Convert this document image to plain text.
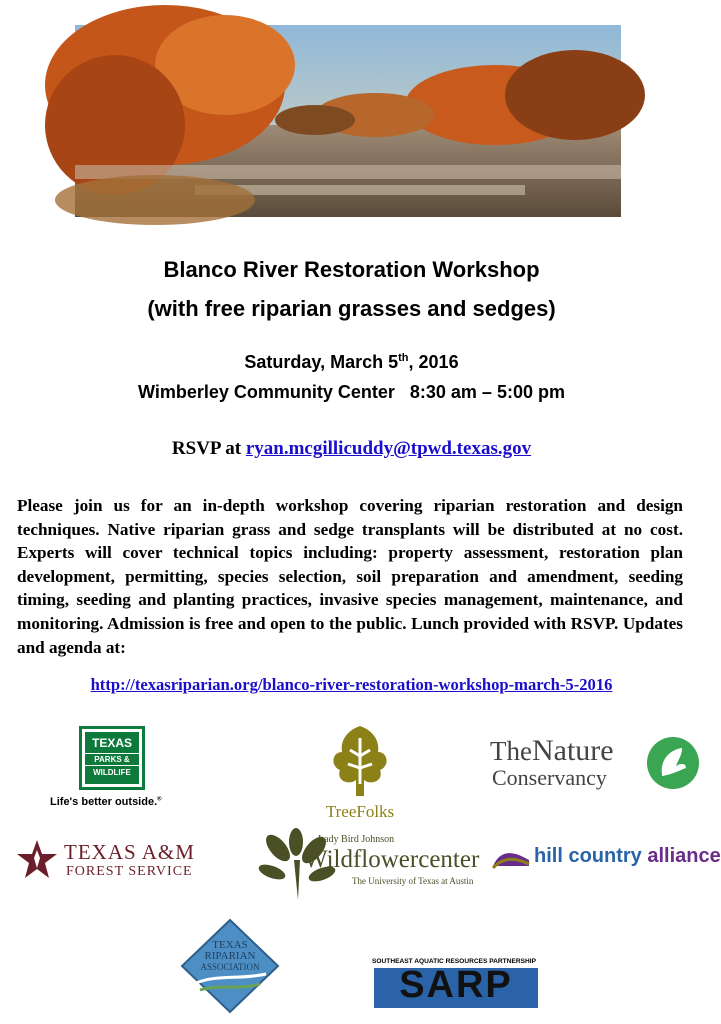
Blanco River Restoration Workshop
(with free riparian grasses and sedges)
Saturday, March 5th, 2016
Wimberley Community Center   8:30 am – 5:00 pm
RSVP at ryan.mcgillicuddy@tpwd.texas.gov
Please join us for an in-depth workshop covering riparian restoration and design techniques. Native riparian grass and sedge transplants will be distributed at no cost. Experts will cover technical topics including: property assessment, restoration plan development, permitting, species selection, soil preparation and amendment, seeding timing, seeding and planting practices, invasive species management, maintenance, and monitoring. Admission is free and open to the public. Lunch provided with RSVP. Updates and agenda at:
http://texasriparian.org/blanco-river-restoration-workshop-march-5-2016
TEXAS
PARKS &
WILDLIFE
Life's better outside.®
TreeFolks
TheNature
Conservancy
TEXAS A&M
FOREST SERVICE
Lady Bird Johnson
Wildflowercenter
The University of Texas at Austin
hill country alliance
TEXAS
RIPARIAN
ASSOCIATION
SOUTHEAST AQUATIC RESOURCES PARTNERSHIP
SARP
